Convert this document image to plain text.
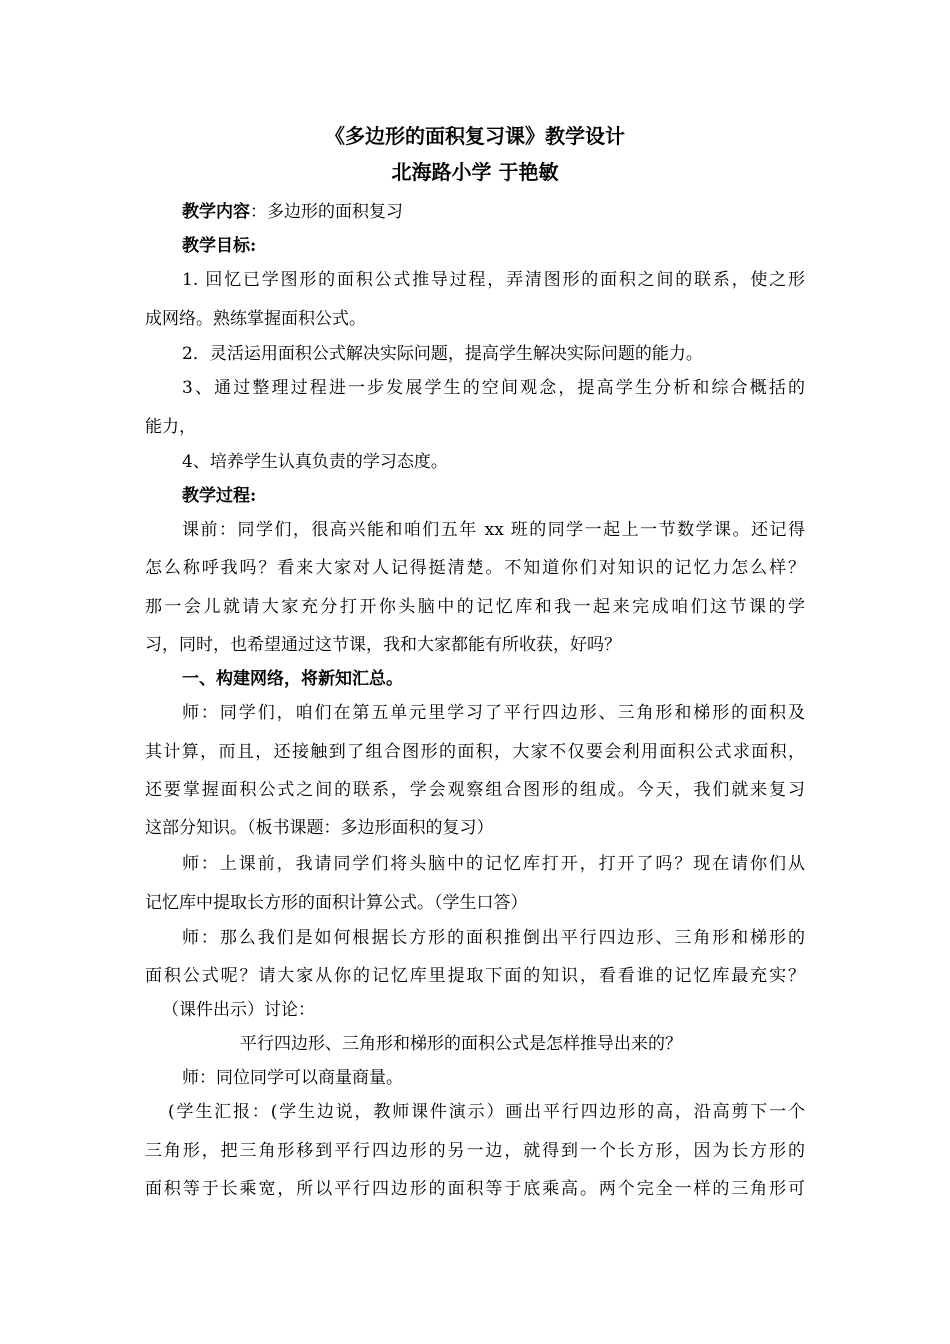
《多边形的面积复习课》教学设计
北海路小学 于艳敏
教学内容：多边形的面积复习
教学目标:
1. 回忆已学图形的面积公式推导过程，弄清图形的面积之间的联系，使之形
成网络。熟练掌握面积公式。
2．灵活运用面积公式解决实际问题，提高学生解决实际问题的能力。
3、通过整理过程进一步发展学生的空间观念，提高学生分析和综合概括的
能力，
4、培养学生认真负责的学习态度。
教学过程:
课前：同学们，很高兴能和咱们五年 xx 班的同学一起上一节数学课。还记得
怎么称呼我吗？看来大家对人记得挺清楚。不知道你们对知识的记忆力怎么样？
那一会儿就请大家充分打开你头脑中的记忆库和我一起来完成咱们这节课的学
习，同时，也希望通过这节课，我和大家都能有所收获，好吗？
一、构建网络，将新知汇总。
师：同学们，咱们在第五单元里学习了平行四边形、三角形和梯形的面积及
其计算，而且，还接触到了组合图形的面积，大家不仅要会利用面积公式求面积，
还要掌握面积公式之间的联系，学会观察组合图形的组成。今天，我们就来复习
这部分知识。（板书课题：多边形面积的复习）
师：上课前，我请同学们将头脑中的记忆库打开，打开了吗？现在请你们从
记忆库中提取长方形的面积计算公式。（学生口答）
师：那么我们是如何根据长方形的面积推倒出平行四边形、三角形和梯形的
面积公式呢？请大家从你的记忆库里提取下面的知识，看看谁的记忆库最充实？
（课件出示）讨论：
平行四边形、三角形和梯形的面积公式是怎样推导出来的？
师：同位同学可以商量商量。
(学生汇报：(学生边说，教师课件演示）画出平行四边形的高，沿高剪下一个
三角形，把三角形移到平行四边形的另一边，就得到一个长方形，因为长方形的
面积等于长乘宽，所以平行四边形的面积等于底乘高。两个完全一样的三角形可
